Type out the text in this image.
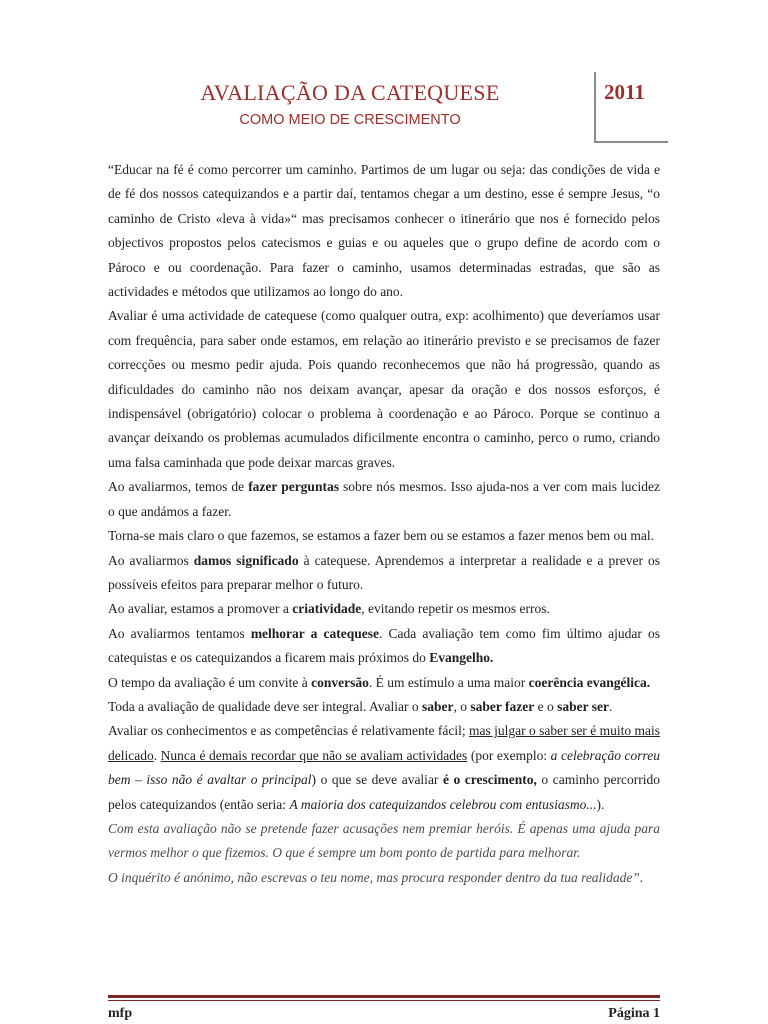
AVALIAÇÃO DA CATEQUESE
COMO MEIO DE CRESCIMENTO
2011

“Educar na fé é como percorrer um caminho. Partimos de um lugar ou seja: das condições de vida e de fé dos nossos catequizandos e a partir daí, tentamos chegar a um destino, esse é sempre Jesus, “o caminho de Cristo «leva à vida»“ mas precisamos conhecer o itinerário que nos é fornecido pelos objectivos propostos pelos catecismos e guias e ou aqueles que o grupo define de acordo com o Pároco e ou coordenação. Para fazer o caminho, usamos determinadas estradas, que são as actividades e métodos que utilizamos ao longo do ano.

Avaliar é uma actividade de catequese (como qualquer outra, exp: acolhimento) que deveríamos usar com frequência, para saber onde estamos, em relação ao itinerário previsto e se precisamos de fazer correcções ou mesmo pedir ajuda. Pois quando reconhecemos que não há progressão, quando as dificuldades do caminho não nos deixam avançar, apesar da oração e dos nossos esforços, é indispensável (obrigatório) colocar o problema à coordenação e ao Pároco. Porque se continuo a avançar deixando os problemas acumulados dificilmente encontra o caminho, perco o rumo, criando uma falsa caminhada que pode deixar marcas graves.

Ao avaliarmos, temos de fazer perguntas sobre nós mesmos. Isso ajuda-nos a ver com mais lucidez o que andámos a fazer.

Torna-se mais claro o que fazemos, se estamos a fazer bem ou se estamos a fazer menos bem ou mal.

Ao avaliarmos damos significado à catequese. Aprendemos a interpretar a realidade e a prever os possíveis efeitos para preparar melhor o futuro.

Ao avaliar, estamos a promover a criatividade, evitando repetir os mesmos erros.

Ao avaliarmos tentamos melhorar a catequese. Cada avaliação tem como fim último ajudar os catequistas e os catequizandos a ficarem mais próximos do Evangelho.

O tempo da avaliação é um convite à conversão. É um estímulo a uma maior coerência evangélica.

Toda a avaliação de qualidade deve ser integral. Avaliar o saber, o saber fazer e o saber ser.

Avaliar os conhecimentos e as competências é relativamente fácil; mas julgar o saber ser é muito mais delicado. Nunca é demais recordar que não se avaliam actividades (por exemplo: a celebração correu bem – isso não é avaltar o principal) o que se deve avaliar é o crescimento, o caminho percorrido pelos catequizandos (então seria: A maioria dos catequizandos celebrou com entusiasmo...).

Com esta avaliação não se pretende fazer acusações nem premiar heróis. É apenas uma ajuda para vermos melhor o que fizemos. O que é sempre um bom ponto de partida para melhorar.

O inquérito é anónimo, não escrevas o teu nome, mas procura responder dentro da tua realidade”.

mfp	Página 1
